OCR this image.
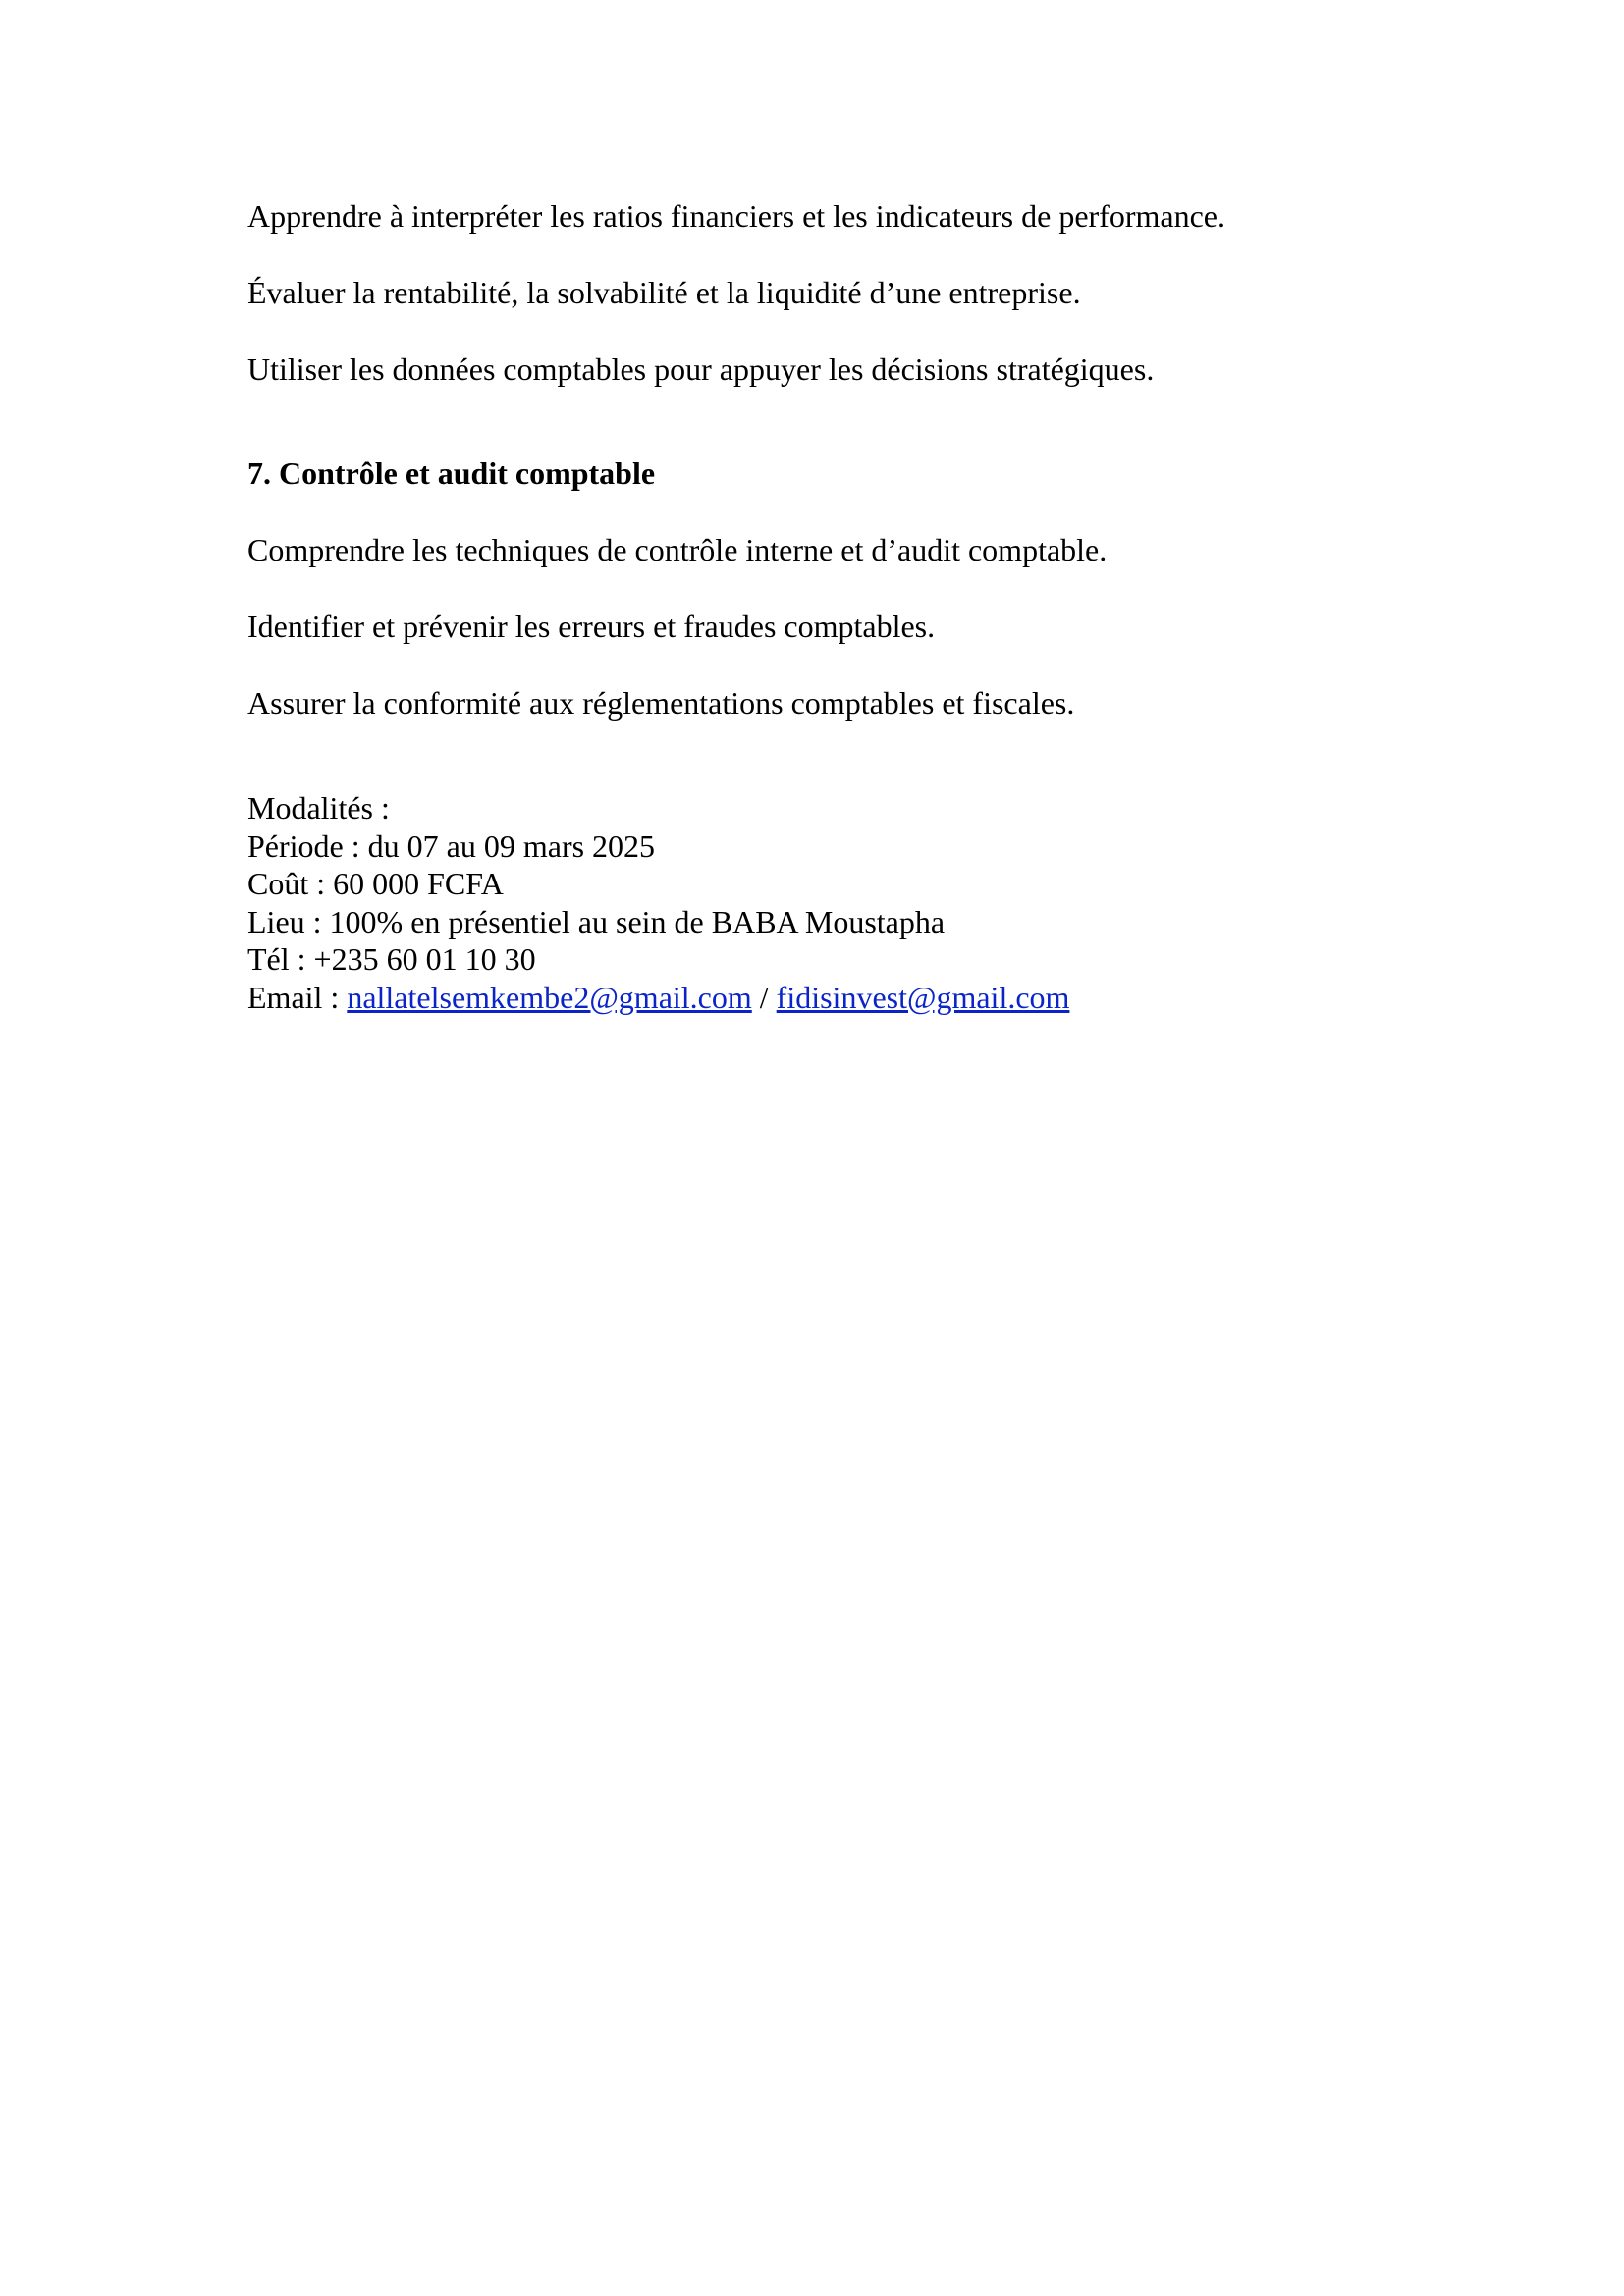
Apprendre à interpréter les ratios financiers et les indicateurs de performance.

Évaluer la rentabilité, la solvabilité et la liquidité d’une entreprise.

Utiliser les données comptables pour appuyer les décisions stratégiques.

7. Contrôle et audit comptable

Comprendre les techniques de contrôle interne et d’audit comptable.

Identifier et prévenir les erreurs et fraudes comptables.

Assurer la conformité aux réglementations comptables et fiscales.

Modalités :
Période : du 07 au 09 mars 2025
Coût : 60 000 FCFA
Lieu : 100% en présentiel au sein de BABA Moustapha
Tél : +235 60 01 10 30
Email : nallatelsemkembe2@gmail.com / fidisinvest@gmail.com
